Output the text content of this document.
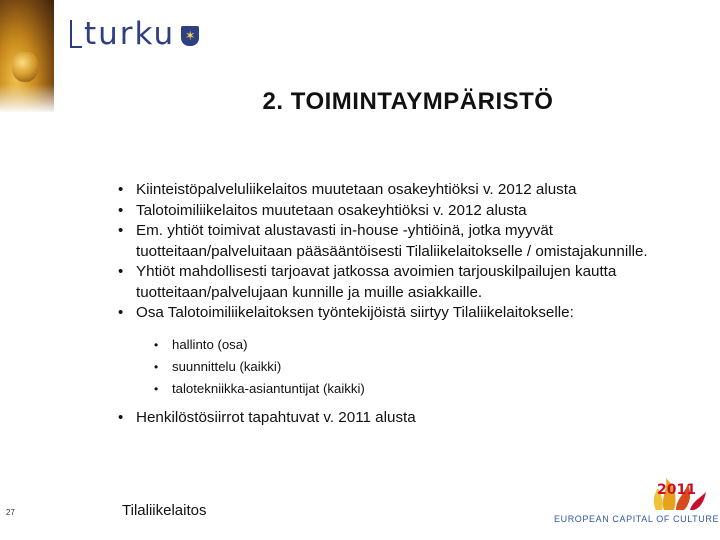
turku ✶
2. TOIMINTAYMPÄRISTÖ
• Kiinteistöpalveluliikelaitos muutetaan osakeyhtiöksi v. 2012 alusta
• Talotoimiliikelaitos muutetaan osakeyhtiöksi v. 2012 alusta
• Em. yhtiöt toimivat alustavasti in-house -yhtiöinä, jotka myyvät tuotteitaan/palveluitaan pääsääntöisesti Tilaliikelaitokselle / omistajakunnille.
• Yhtiöt mahdollisesti tarjoavat jatkossa avoimien tarjouskilpailujen kautta tuotteitaan/palvelujaan kunnille ja muille asiakkaille.
• Osa Talotoimiliikelaitoksen työntekijöistä siirtyy Tilaliikelaitokselle:
• hallinto (osa)
• suunnittelu (kaikki)
• talotekniikka-asiantuntijat (kaikki)
• Henkilöstösiirrot tapahtuvat v. 2011 alusta
27	Tilaliikelaitos
2011
EUROPEAN CAPITAL OF CULTURE
